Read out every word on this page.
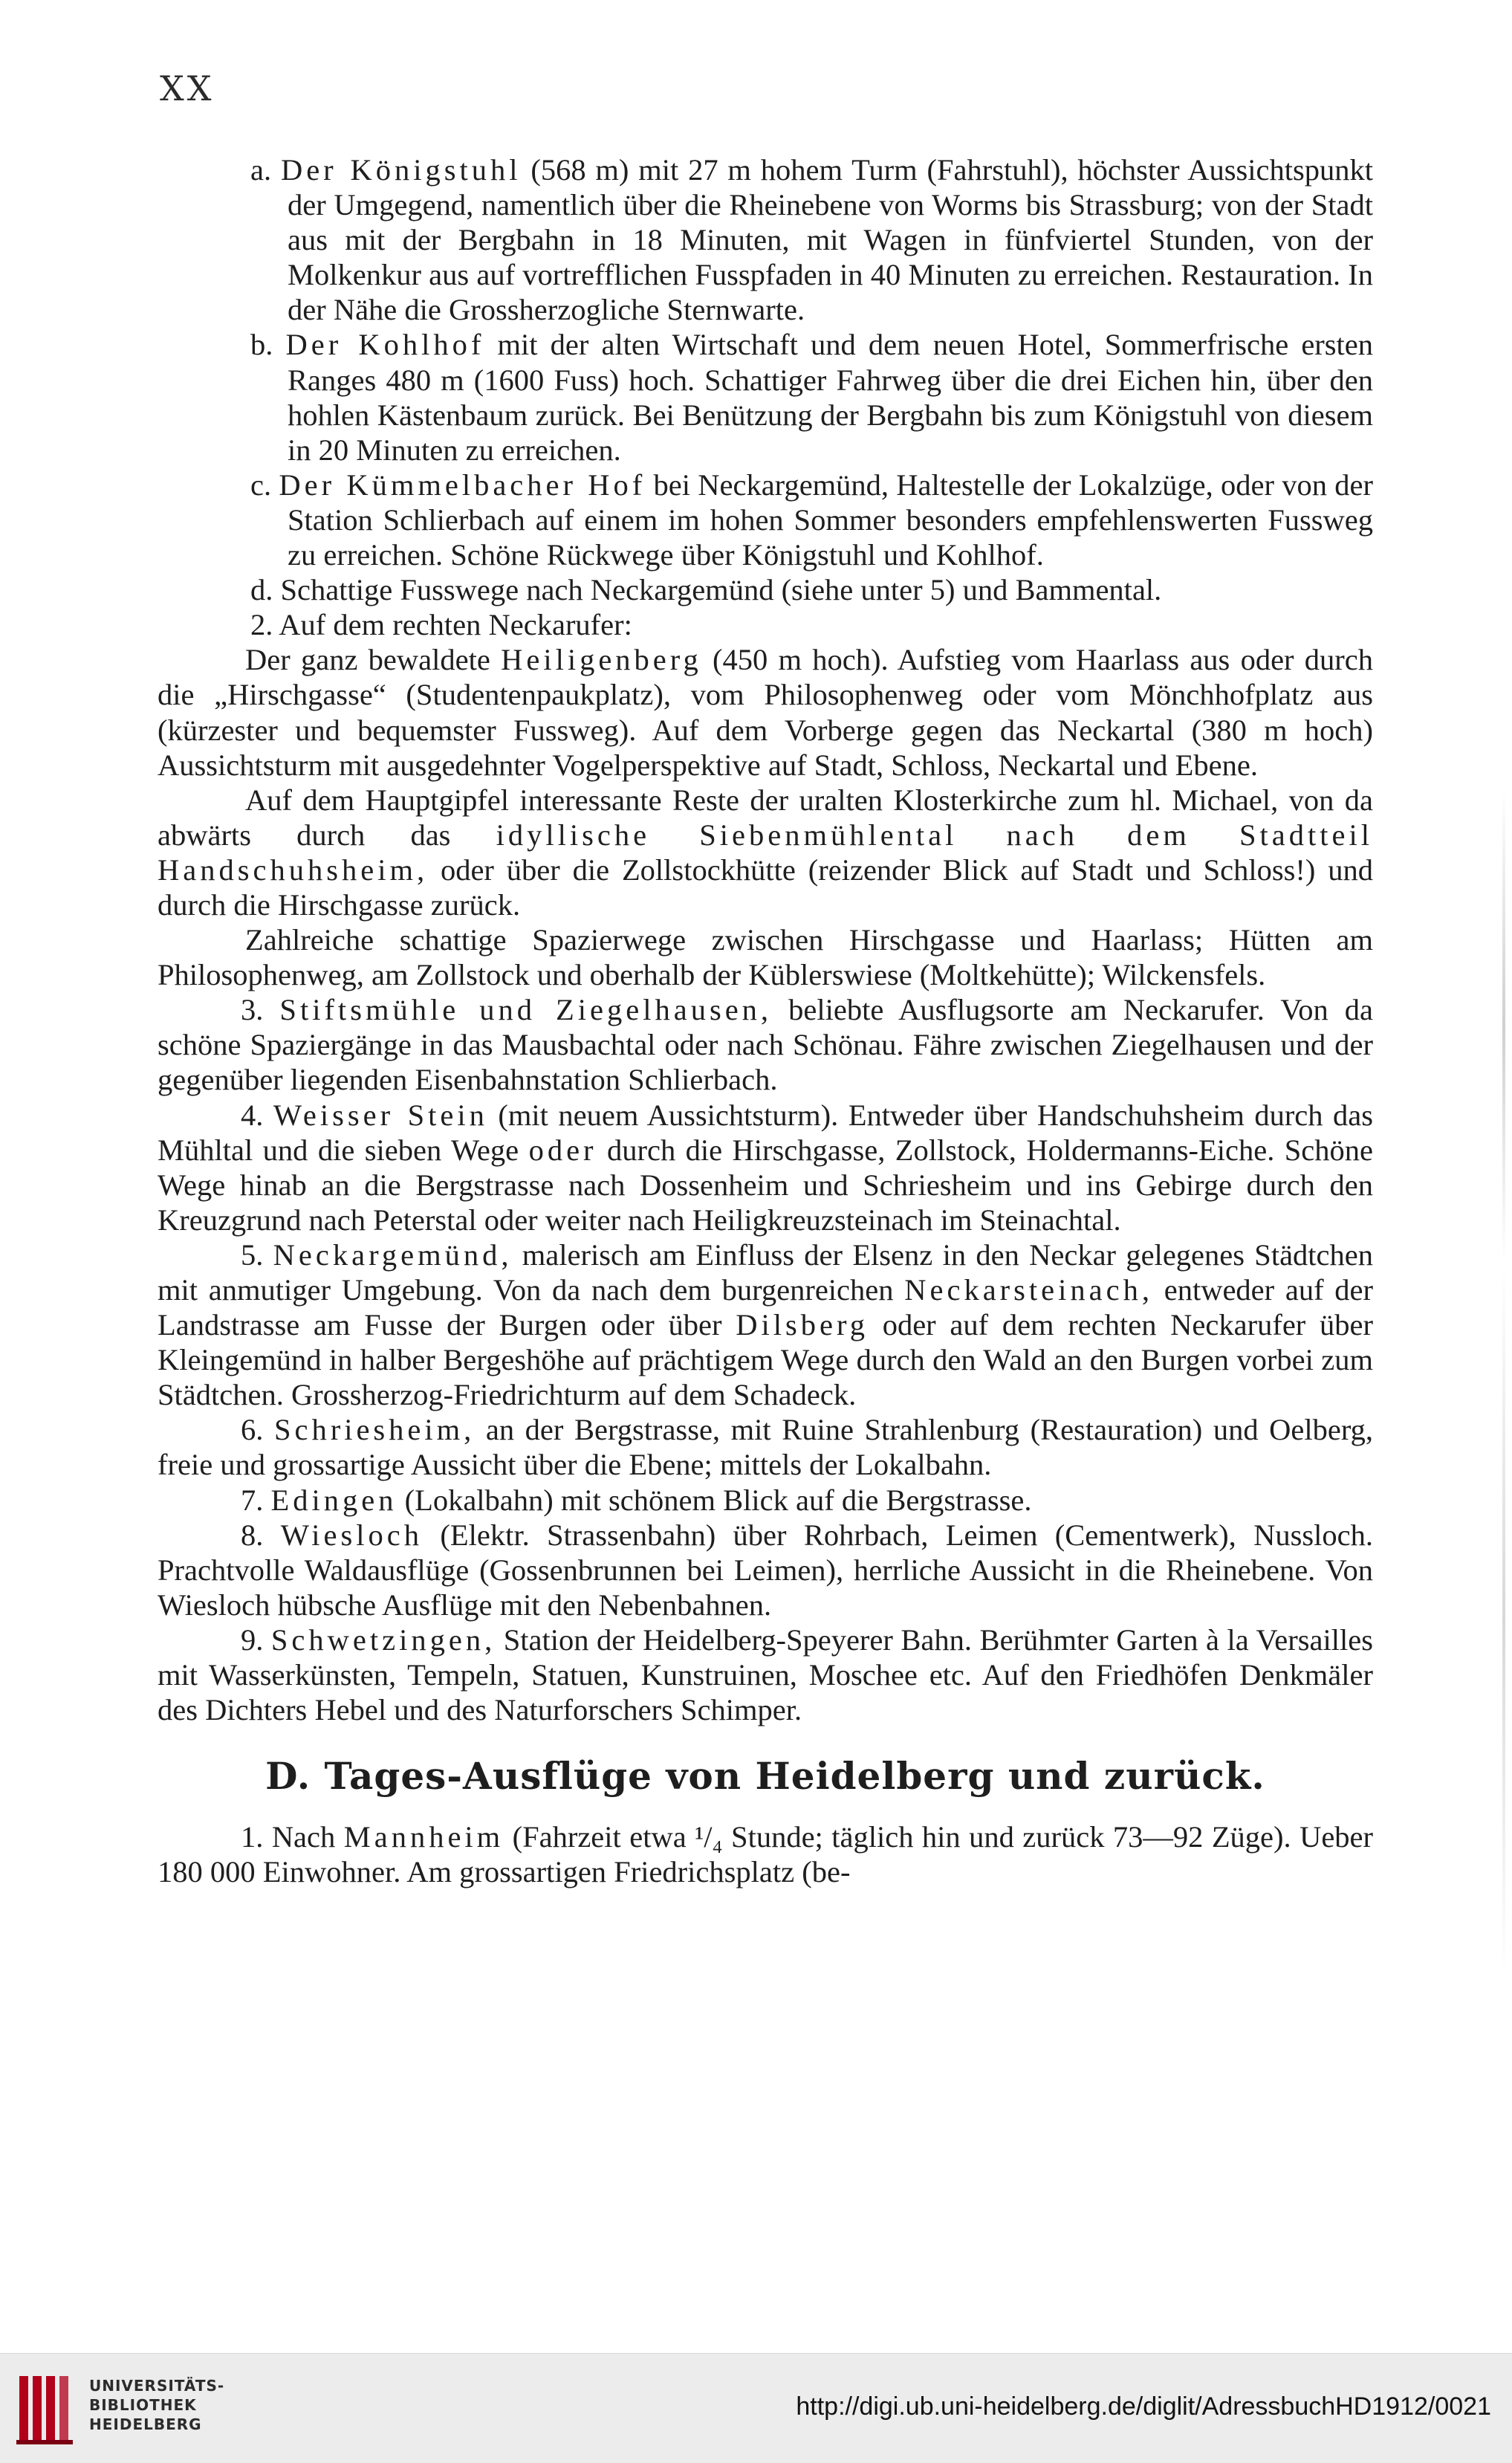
XX

a. Der Königstuhl (568 m) mit 27 m hohem Turm (Fahrstuhl), höchster Aussichtspunkt der Umgegend, namentlich über die Rheinebene von Worms bis Strassburg; von der Stadt aus mit der Bergbahn in 18 Minuten, mit Wagen in fünfviertel Stunden, von der Molkenkur aus auf vortrefflichen Fusspfaden in 40 Minuten zu erreichen. Restauration. In der Nähe die Grossherzogliche Sternwarte.

b. Der Kohlhof mit der alten Wirtschaft und dem neuen Hotel, Sommerfrische ersten Ranges 480 m (1600 Fuss) hoch. Schattiger Fahrweg über die drei Eichen hin, über den hohlen Kästenbaum zurück. Bei Benützung der Bergbahn bis zum Königstuhl von diesem in 20 Minuten zu erreichen.

c. Der Kümmelbacher Hof bei Neckargemünd, Haltestelle der Lokalzüge, oder von der Station Schlierbach auf einem im hohen Sommer besonders empfehlenswerten Fussweg zu erreichen. Schöne Rückwege über Königstuhl und Kohlhof.

d. Schattige Fusswege nach Neckargemünd (siehe unter 5) und Bammental.

2. Auf dem rechten Neckarufer:

Der ganz bewaldete Heiligenberg (450 m hoch). Aufstieg vom Haarlass aus oder durch die „Hirschgasse“ (Studentenpaukplatz), vom Philosophenweg oder vom Mönchhofplatz aus (kürzester und bequemster Fussweg). Auf dem Vorberge gegen das Neckartal (380 m hoch) Aussichtsturm mit ausgedehnter Vogelperspektive auf Stadt, Schloss, Neckartal und Ebene.

Auf dem Hauptgipfel interessante Reste der uralten Klosterkirche zum hl. Michael, von da abwärts durch das idyllische Siebenmühlental nach dem Stadtteil Handschuhsheim, oder über die Zollstockhütte (reizender Blick auf Stadt und Schloss!) und durch die Hirschgasse zurück.

Zahlreiche schattige Spazierwege zwischen Hirschgasse und Haarlass; Hütten am Philosophenweg, am Zollstock und oberhalb der Küblerswiese (Moltkehütte); Wilckensfels.

3. Stiftsmühle und Ziegelhausen, beliebte Ausflugsorte am Neckarufer. Von da schöne Spaziergänge in das Mausbachtal oder nach Schönau. Fähre zwischen Ziegelhausen und der gegenüber liegenden Eisenbahnstation Schlierbach.

4. Weisser Stein (mit neuem Aussichtsturm). Entweder über Handschuhsheim durch das Mühltal und die sieben Wege oder durch die Hirschgasse, Zollstock, Holdermanns-Eiche. Schöne Wege hinab an die Bergstrasse nach Dossenheim und Schriesheim und ins Gebirge durch den Kreuzgrund nach Peterstal oder weiter nach Heiligkreuzsteinach im Steinachtal.

5. Neckargemünd, malerisch am Einfluss der Elsenz in den Neckar gelegenes Städtchen mit anmutiger Umgebung. Von da nach dem burgenreichen Neckarsteinach, entweder auf der Landstrasse am Fusse der Burgen oder über Dilsberg oder auf dem rechten Neckarufer über Kleingemünd in halber Bergeshöhe auf prächtigem Wege durch den Wald an den Burgen vorbei zum Städtchen. Grossherzog-Friedrichturm auf dem Schadeck.

6. Schriesheim, an der Bergstrasse, mit Ruine Strahlenburg (Restauration) und Oelberg, freie und grossartige Aussicht über die Ebene; mittels der Lokalbahn.

7. Edingen (Lokalbahn) mit schönem Blick auf die Bergstrasse.

8. Wiesloch (Elektr. Strassenbahn) über Rohrbach, Leimen (Cementwerk), Nussloch. Prachtvolle Waldausflüge (Gossenbrunnen bei Leimen), herrliche Aussicht in die Rheinebene. Von Wiesloch hübsche Ausflüge mit den Nebenbahnen.

9. Schwetzingen, Station der Heidelberg-Speyerer Bahn. Berühmter Garten à la Versailles mit Wasserkünsten, Tempeln, Statuen, Kunstruinen, Moschee etc. Auf den Friedhöfen Denkmäler des Dichters Hebel und des Naturforschers Schimper.

D. Tages-Ausflüge von Heidelberg und zurück.

1. Nach Mannheim (Fahrzeit etwa ¹/₄ Stunde; täglich hin und zurück 73—92 Züge). Ueber 180 000 Einwohner. Am grossartigen Friedrichsplatz (be-

UNIVERSITÄTS-
BIBLIOTHEK
HEIDELBERG
http://digi.ub.uni-heidelberg.de/diglit/AdressbuchHD1912/0021
